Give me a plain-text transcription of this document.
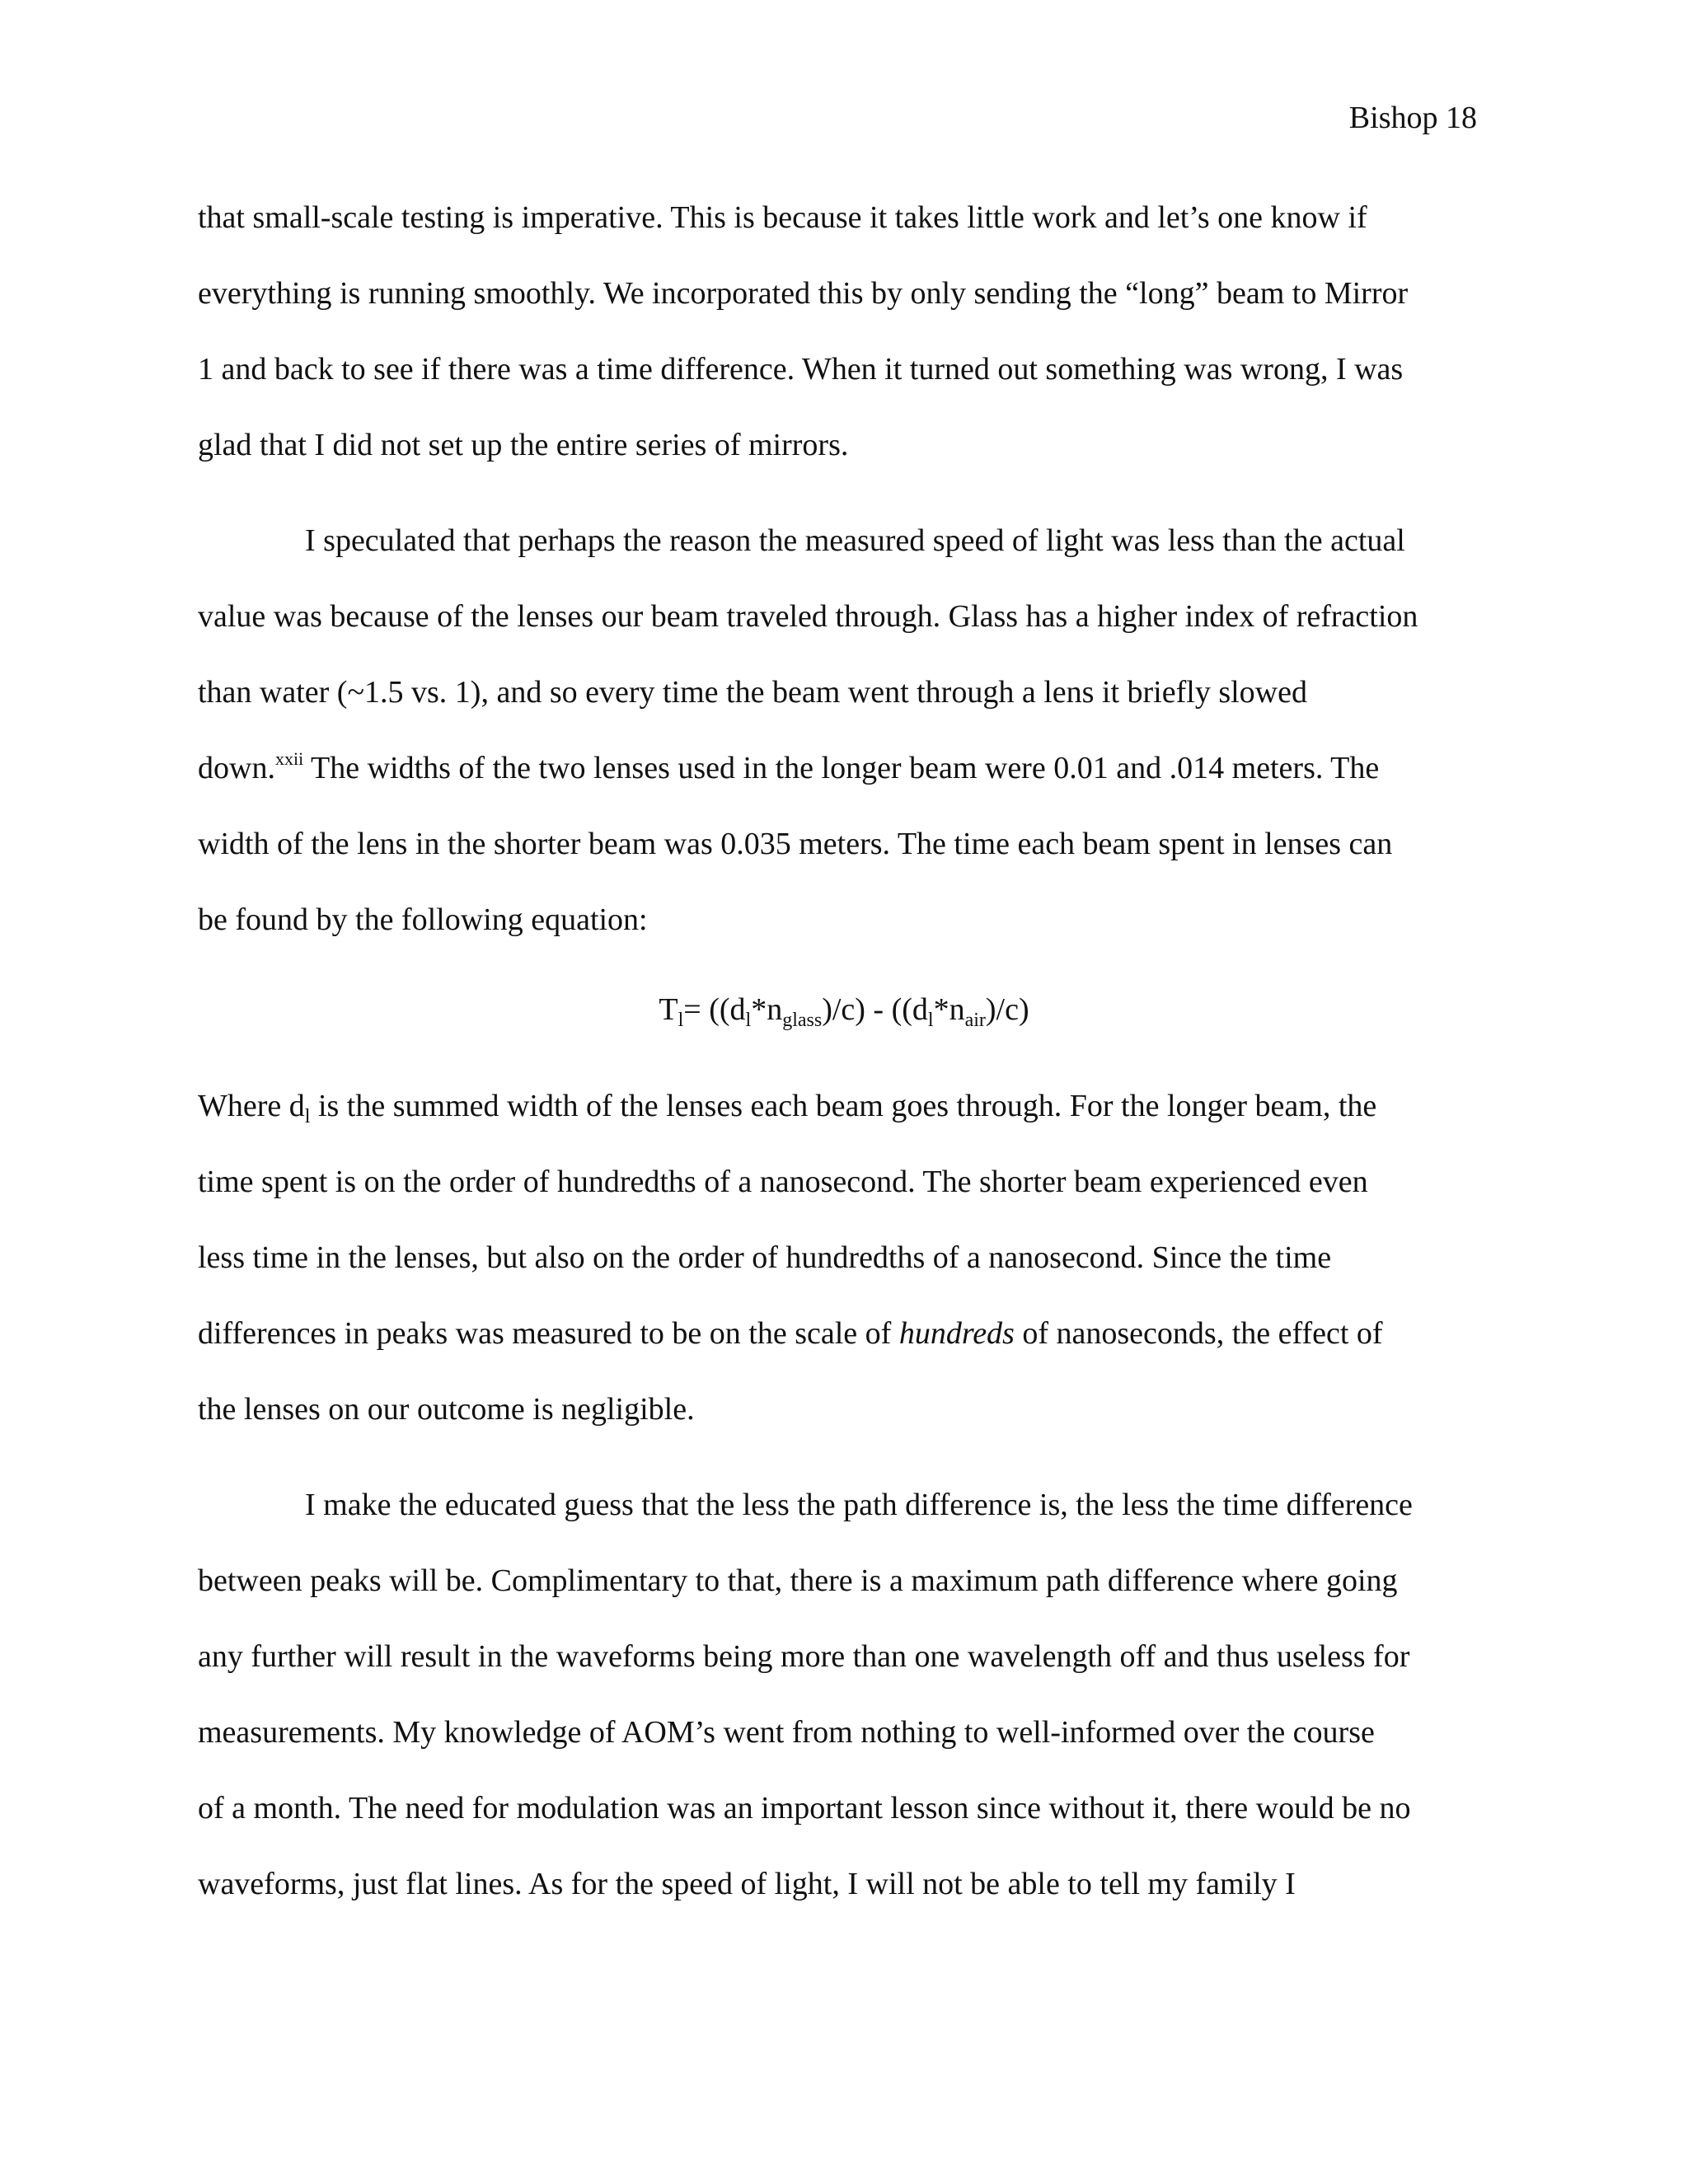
Bishop 18
that small-scale testing is imperative. This is because it takes little work and let’s one know if
everything is running smoothly. We incorporated this by only sending the “long” beam to Mirror
1 and back to see if there was a time difference. When it turned out something was wrong, I was
glad that I did not set up the entire series of mirrors.
I speculated that perhaps the reason the measured speed of light was less than the actual
value was because of the lenses our beam traveled through. Glass has a higher index of refraction
than water (~1.5 vs. 1), and so every time the beam went through a lens it briefly slowed
down.$^{xxii}$ The widths of the two lenses used in the longer beam were 0.01 and .014 meters. The
width of the lens in the shorter beam was 0.035 meters. The time each beam spent in lenses can
be found by the following equation:
$T_l= ((d_l*n_{glass})/c) - ((d_l*n_{air})/c)$
Where $d_l$ is the summed width of the lenses each beam goes through. For the longer beam, the
time spent is on the order of hundredths of a nanosecond. The shorter beam experienced even
less time in the lenses, but also on the order of hundredths of a nanosecond. Since the time
differences in peaks was measured to be on the scale of hundreds of nanoseconds, the effect of
the lenses on our outcome is negligible.
I make the educated guess that the less the path difference is, the less the time difference
between peaks will be. Complimentary to that, there is a maximum path difference where going
any further will result in the waveforms being more than one wavelength off and thus useless for
measurements. My knowledge of AOM’s went from nothing to well-informed over the course
of a month. The need for modulation was an important lesson since without it, there would be no
waveforms, just flat lines. As for the speed of light, I will not be able to tell my family I
